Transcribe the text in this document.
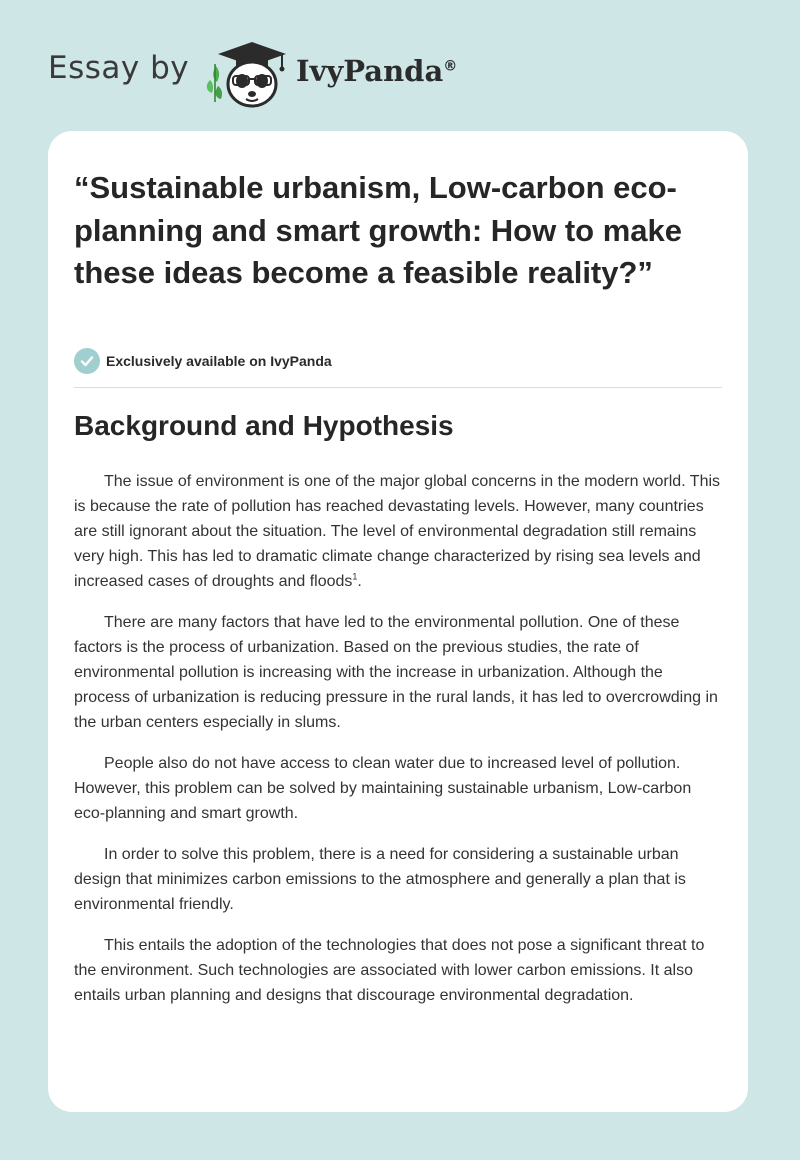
Essay by	IvyPanda®
“Sustainable urbanism, Low-carbon eco-planning and smart growth: How to make these ideas become a feasible reality?”
Exclusively available on IvyPanda
Background and Hypothesis

The issue of environment is one of the major global concerns in the modern world. This is because the rate of pollution has reached devastating levels. However, many countries are still ignorant about the situation. The level of environmental degradation still remains very high. This has led to dramatic climate change characterized by rising sea levels and increased cases of droughts and floods$^1$.

There are many factors that have led to the environmental pollution. One of these factors is the process of urbanization. Based on the previous studies, the rate of environmental pollution is increasing with the increase in urbanization. Although the process of urbanization is reducing pressure in the rural lands, it has led to overcrowding in the urban centers especially in slums.

People also do not have access to clean water due to increased level of pollution. However, this problem can be solved by maintaining sustainable urbanism, Low-carbon eco-planning and smart growth.

In order to solve this problem, there is a need for considering a sustainable urban design that minimizes carbon emissions to the atmosphere and generally a plan that is environmental friendly.

This entails the adoption of the technologies that does not pose a significant threat to the environment. Such technologies are associated with lower carbon emissions. It also entails urban planning and designs that discourage environmental degradation.
